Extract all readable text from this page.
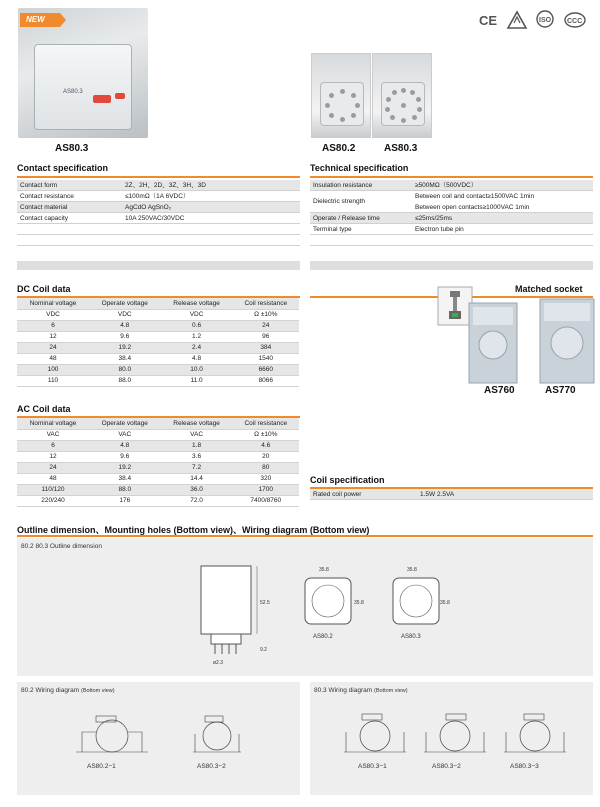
AS80.3
NEW
AS80.3
CE	ISO CCC
AS80.2	AS80.3
Contact specification
Contact form	2Z、2H、2D、3Z、3H、3D
Contact resistance	≤100mΩ（1A 6VDC）
Contact material	AgCdO AgSnO₂
Contact capacity	10A 250VAC/30VDC
Technical specification
Insulation resistance	≥500MΩ（500VDC）
Dielectric strength
Between coil and contact≥1500VAC 1min
Between open contacts≥1000VAC 1min
Operate / Release time	≤25ms/25ms
Terminal type	Electron tube pin
DC Coil data
Nominal voltage	Operate voltage	Release voltage	Coil resistance
VDC	VDC	VDC	Ω ±10%
6	4.8	0.6	24
12	9.6	1.2	96
24	19.2	2.4	384
48	38.4	4.8	1540
100	80.0	10.0	6660
110	88.0	11.0	8066
AC Coil data
Nominal voltage	Operate voltage	Release voltage	Coil resistance
VAC	VAC	VAC	Ω ±10%
6	4.8	1.8	4.6
12	9.6	3.6	20
24	19.2	7.2	80
48	38.4	14.4	320
110/120	88.0	36.0	1700
220/240	176	72.0	7400/8760
Matched socket
AS760	AS770
Coil specification
Rated coil power	1.5W 2.5VA
Outline dimension、Mounting holes (Bottom view)、Wiring diagram (Bottom view)
80.2 80.3 Outline dimension
52.5
9.2
ø2.3
35.8
35.8
AS80.2
35.8
35.8
AS80.3
80.2 Wiring diagram (Bottom view)
AS80.2−1	AS80.3−2
80.3 Wiring diagram (Bottom view)
AS80.3−1	AS80.3−2	AS80.3−3
